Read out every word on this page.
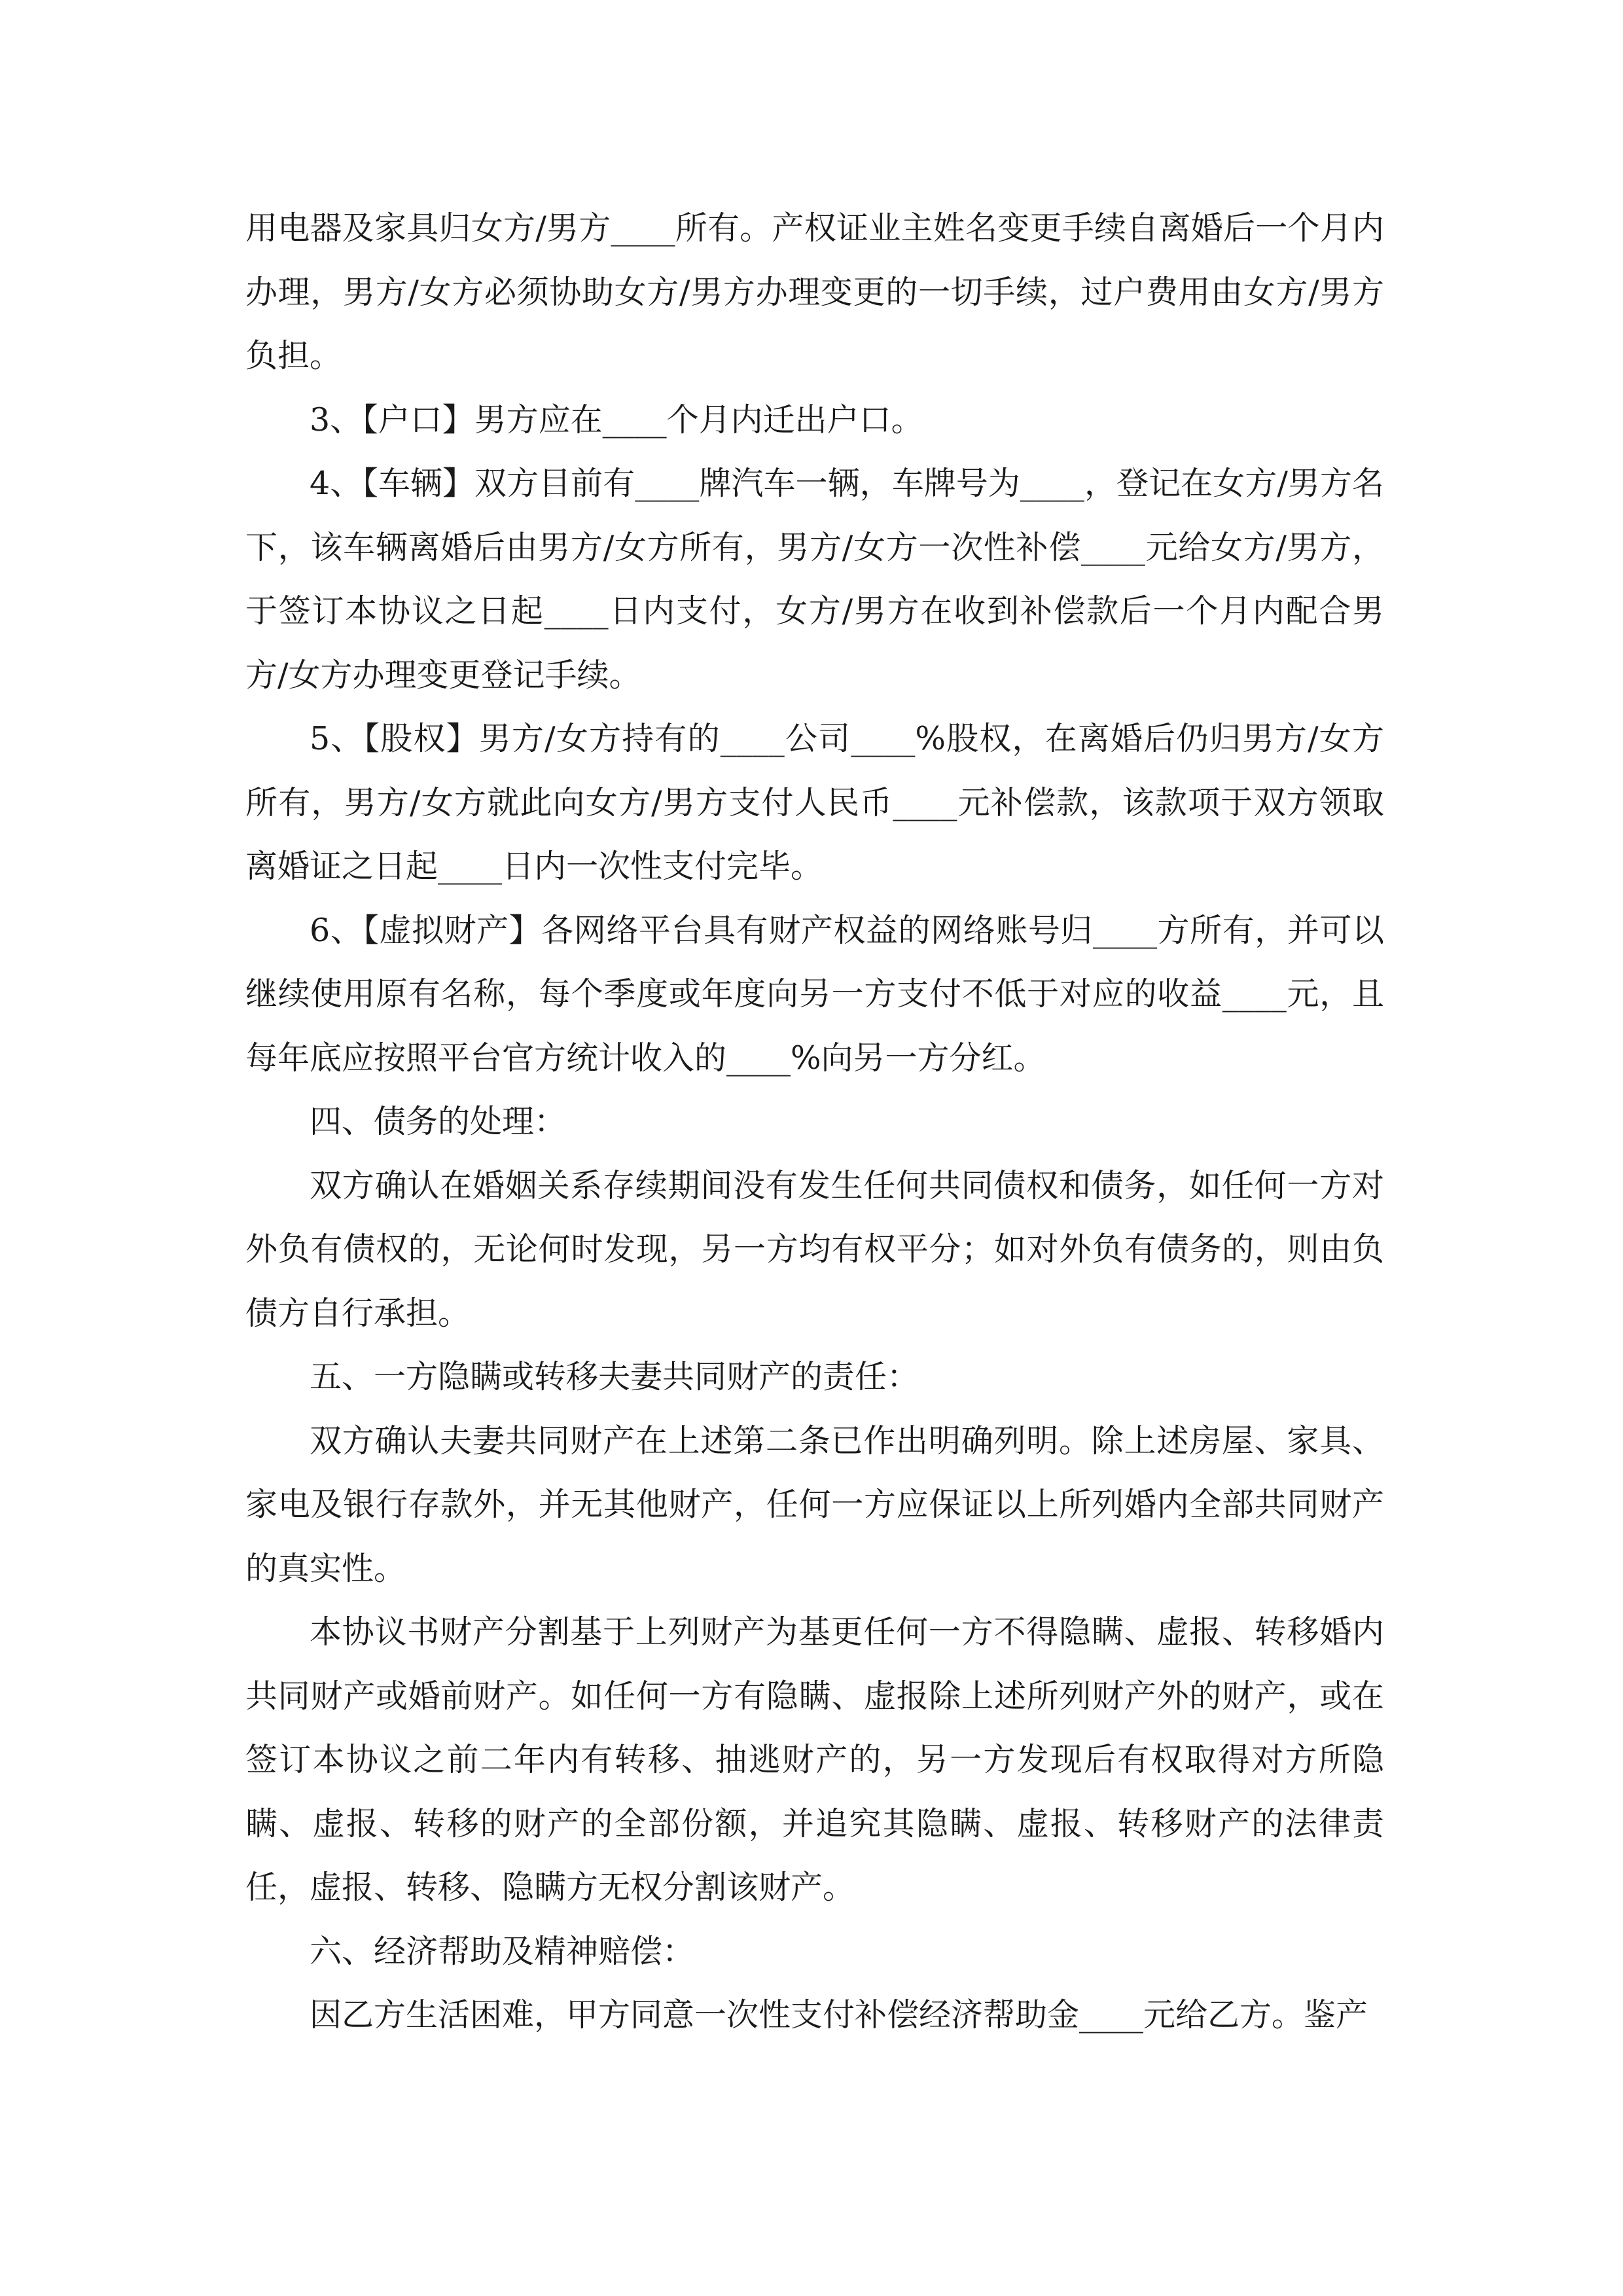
用电器及家具归女方/男方____所有。产权证业主姓名变更手续自离婚后一个月内办理，男方/女方必须协助女方/男方办理变更的一切手续，过户费用由女方/男方负担。

3、【户口】男方应在____个月内迁出户口。

4、【车辆】双方目前有____牌汽车一辆，车牌号为____，登记在女方/男方名下，该车辆离婚后由男方/女方所有，男方/女方一次性补偿____元给女方/男方，于签订本协议之日起____日内支付，女方/男方在收到补偿款后一个月内配合男方/女方办理变更登记手续。

5、【股权】男方/女方持有的____公司____%股权，在离婚后仍归男方/女方所有，男方/女方就此向女方/男方支付人民币____元补偿款，该款项于双方领取离婚证之日起____日内一次性支付完毕。

6、【虚拟财产】各网络平台具有财产权益的网络账号归____方所有，并可以继续使用原有名称，每个季度或年度向另一方支付不低于对应的收益____元，且每年底应按照平台官方统计收入的____%向另一方分红。

四、债务的处理：

双方确认在婚姻关系存续期间没有发生任何共同债权和债务，如任何一方对外负有债权的，无论何时发现，另一方均有权平分；如对外负有债务的，则由负债方自行承担。

五、一方隐瞒或转移夫妻共同财产的责任：

双方确认夫妻共同财产在上述第二条已作出明确列明。除上述房屋、家具、家电及银行存款外，并无其他财产，任何一方应保证以上所列婚内全部共同财产的真实性。

本协议书财产分割基于上列财产为基更任何一方不得隐瞒、虚报、转移婚内共同财产或婚前财产。如任何一方有隐瞒、虚报除上述所列财产外的财产，或在签订本协议之前二年内有转移、抽逃财产的，另一方发现后有权取得对方所隐瞒、虚报、转移的财产的全部份额，并追究其隐瞒、虚报、转移财产的法律责任，虚报、转移、隐瞒方无权分割该财产。

六、经济帮助及精神赔偿：

因乙方生活困难，甲方同意一次性支付补偿经济帮助金____元给乙方。鉴产
